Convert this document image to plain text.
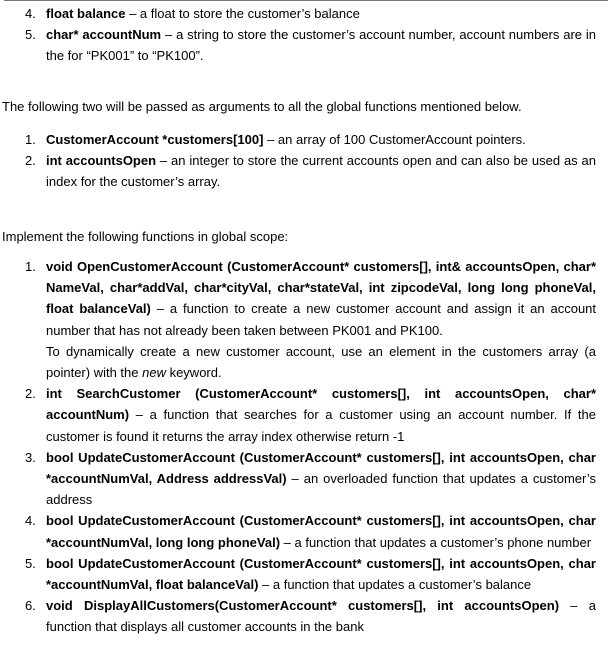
4. float balance – a float to store the customer’s balance
5. char* accountNum – a string to store the customer’s account number, account numbers are in the for “PK001” to “PK100”.

The following two will be passed as arguments to all the global functions mentioned below.

1. CustomerAccount *customers[100] – an array of 100 CustomerAccount pointers.
2. int accountsOpen – an integer to store the current accounts open and can also be used as an index for the customer’s array.

Implement the following functions in global scope:

1. void OpenCustomerAccount (CustomerAccount* customers[], int& accountsOpen, char* NameVal, char*addVal, char*cityVal, char*stateVal, int zipcodeVal, long long phoneVal, float balanceVal) – a function to create a new customer account and assign it an account number that has not already been taken between PK001 and PK100.
To dynamically create a new customer account, use an element in the customers array (a pointer) with the new keyword.
2. int SearchCustomer (CustomerAccount* customers[], int accountsOpen, char* accountNum) – a function that searches for a customer using an account number. If the customer is found it returns the array index otherwise return -1
3. bool UpdateCustomerAccount (CustomerAccount* customers[], int accountsOpen, char *accountNumVal, Address addressVal) – an overloaded function that updates a customer’s address
4. bool UpdateCustomerAccount (CustomerAccount* customers[], int accountsOpen, char *accountNumVal, long long phoneVal) – a function that updates a customer’s phone number
5. bool UpdateCustomerAccount (CustomerAccount* customers[], int accountsOpen, char *accountNumVal, float balanceVal) – a function that updates a customer’s balance
6. void DisplayAllCustomers(CustomerAccount* customers[], int accountsOpen) – a function that displays all customer accounts in the bank
